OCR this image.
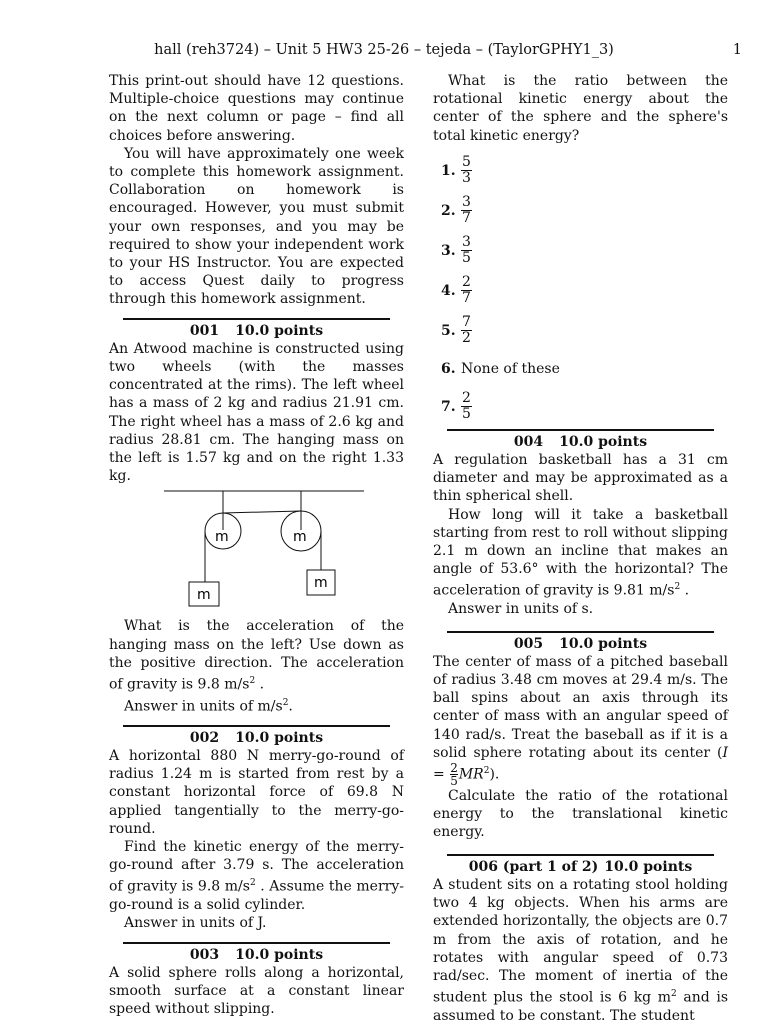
hall (reh3724) – Unit 5 HW3 25-26 – tejeda – (TaylorGPHY1_3)	1

This print-out should have 12 questions. Multiple-choice questions may continue on the next column or page – find all choices before answering.

You will have approximately one week to complete this homework assignment. Collaboration on homework is encouraged. However, you must submit your own responses, and you may be required to show your independent work to your HS Instructor. You are expected to access Quest daily to progress through this homework assignment.

001 10.0 points

An Atwood machine is constructed using two wheels (with the masses concentrated at the rims). The left wheel has a mass of 2 kg and radius 21.91 cm. The right wheel has a mass of 2.6 kg and radius 28.81 cm. The hanging mass on the left is 1.57 kg and on the right 1.33 kg.

m	m
m
m

What is the acceleration of the hanging mass on the left? Use down as the positive direction. The acceleration of gravity is 9.8 $m/s^2$ .

Answer in units of $m/s^2$.

002 10.0 points

A horizontal 880 N merry-go-round of radius 1.24 m is started from rest by a constant horizontal force of 69.8 N applied tangentially to the merry-go-round.

Find the kinetic energy of the merry-go-round after 3.79 s. The acceleration of gravity is 9.8 $m/s^2$ . Assume the merry-go-round is a solid cylinder.

Answer in units of J.

003 10.0 points

A solid sphere rolls along a horizontal, smooth surface at a constant linear speed without slipping.

What is the ratio between the rotational kinetic energy about the center of the sphere and the sphere's total kinetic energy?

1. $\frac{5}{3}$
2. $\frac{3}{7}$
3. $\frac{3}{5}$
4. $\frac{2}{7}$
5. $\frac{7}{2}$
6. None of these
7. $\frac{2}{5}$
004 10.0 points

A regulation basketball has a 31 cm diameter and may be approximated as a thin spherical shell.

How long will it take a basketball starting from rest to roll without slipping 2.1 m down an incline that makes an angle of 53.6° with the horizontal? The acceleration of gravity is 9.81 $m/s^2$ .

Answer in units of s.

005 10.0 points

The center of mass of a pitched baseball of radius 3.48 cm moves at 29.4 m/s. The ball spins about an axis through its center of mass with an angular speed of 140 rad/s. Treat the baseball as if it is a solid sphere rotating about its center $(I = \frac{2}{5} MR^2)$.

Calculate the ratio of the rotational energy to the translational kinetic energy.

006 (part 1 of 2) 10.0 points

A student sits on a rotating stool holding two 4 kg objects. When his arms are extended horizontally, the objects are 0.7 m from the axis of rotation, and he rotates with angular speed of 0.73 rad/sec. The moment of inertia of the student plus the stool is 6 kg $m^2$ and is assumed to be constant. The student
